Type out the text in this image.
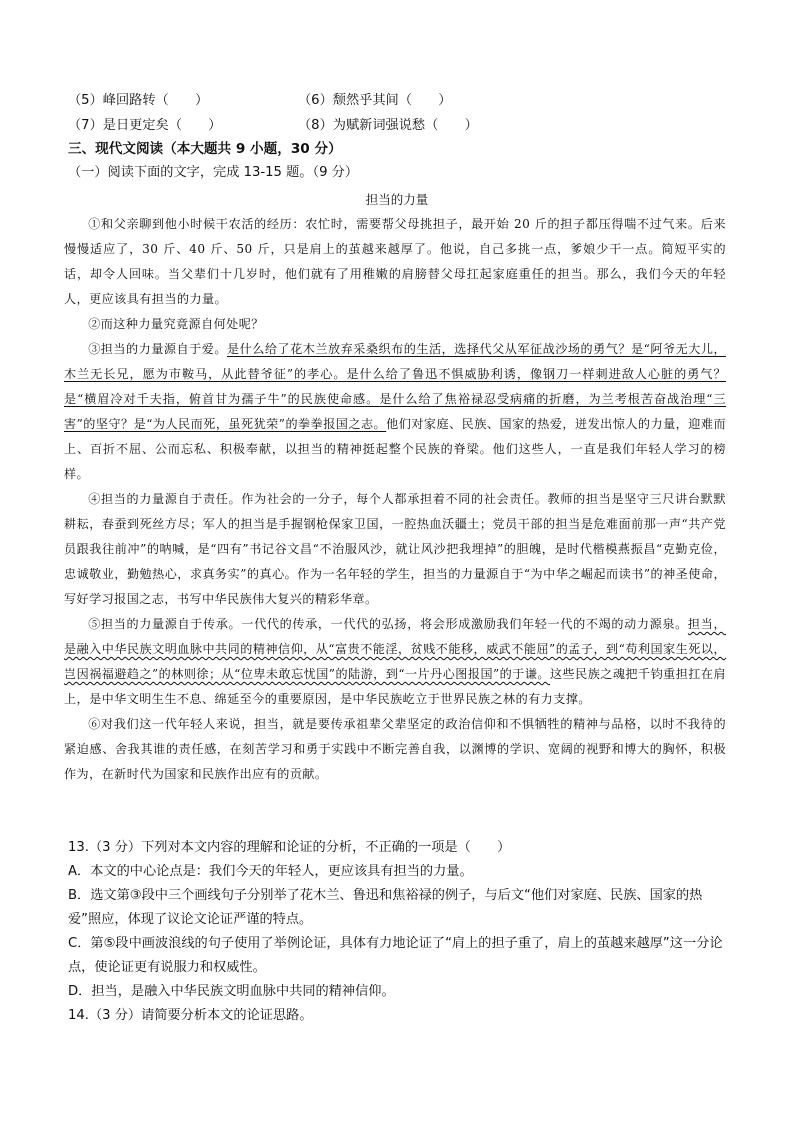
（5）峰回路转（　　）	（6）颓然乎其间（　　）
（7）是日更定矣（　　）	（8）为赋新词强说愁（　　）
三、现代文阅读（本大题共 9 小题，30 分）
（一）阅读下面的文字，完成 13-15 题。（9 分）
担当的力量

①和父亲聊到他小时候干农活的经历：农忙时，需要帮父母挑担子，最开始 20 斤的担子都压得喘不过气来。后来慢慢适应了，30 斤、40 斤、50 斤，只是肩上的茧越来越厚了。他说，自己多挑一点，爹娘少干一点。简短平实的话，却令人回味。当父辈们十几岁时，他们就有了用稚嫩的肩膀替父母扛起家庭重任的担当。那么，我们今天的年轻人，更应该具有担当的力量。

②而这种力量究竟源自何处呢？

③担当的力量源自于爱。是什么给了花木兰放弃采桑织布的生活，选择代父从军征战沙场的勇气？是“阿爷无大儿，木兰无长兄，愿为市鞍马，从此替爷征”的孝心。是什么给了鲁迅不惧威胁利诱，像钢刀一样刺进敌人心脏的勇气？是“横眉冷对千夫指，俯首甘为孺子牛”的民族使命感。是什么给了焦裕禄忍受病痛的折磨，为兰考根苦奋战治理“三害”的坚守？是“为人民而死，虽死犹荣”的拳拳报国之志。他们对家庭、民族、国家的热爱，迸发出惊人的力量，迎难而上、百折不屈、公而忘私、积极奉献，以担当的精神挺起整个民族的脊梁。他们这些人，一直是我们年轻人学习的榜样。

④担当的力量源自于责任。作为社会的一分子，每个人都承担着不同的社会责任。教师的担当是坚守三尺讲台默默耕耘，春蚕到死丝方尽；军人的担当是手握钢枪保家卫国，一腔热血沃疆土；党员干部的担当是危难面前那一声“共产党员跟我往前冲”的呐喊，是“四有”书记谷文昌“不治服风沙，就让风沙把我埋掉”的胆魄，是时代楷模燕振昌“克勤克俭，忠诚敬业，勤勉热心，求真务实”的真心。作为一名年轻的学生，担当的力量源自于“为中华之崛起而读书”的神圣使命，写好学习报国之志，书写中华民族伟大复兴的精彩华章。

⑤担当的力量源自于传承。一代代的传承，一代代的弘扬，将会形成激励我们年轻一代的不竭的动力源泉。担当，是融入中华民族文明血脉中共同的精神信仰，从“富贵不能淫，贫贱不能移，威武不能屈”的孟子，到“苟利国家生死以，岂因祸福避趋之”的林则徐；从“位卑未敢忘忧国”的陆游，到“一片丹心图报国”的于谦。这些民族之魂把千钧重担扛在肩上，是中华文明生生不息、绵延至今的重要原因，是中华民族屹立于世界民族之林的有力支撑。

⑥对我们这一代年轻人来说，担当，就是要传承祖辈父辈坚定的政治信仰和不惧牺牲的精神与品格，以时不我待的紧迫感、舍我其谁的责任感，在刻苦学习和勇于实践中不断完善自我，以渊博的学识、宽阔的视野和博大的胸怀，积极作为，在新时代为国家和民族作出应有的贡献。

13.（3 分）下列对本文内容的理解和论证的分析，不正确的一项是（　　）

A．本文的中心论点是：我们今天的年轻人，更应该具有担当的力量。

B．选文第③段中三个画线句子分别举了花木兰、鲁迅和焦裕禄的例子，与后文“他们对家庭、民族、国家的热爱”照应，体现了议论文论证严谨的特点。

C．第⑤段中画波浪线的句子使用了举例论证，具体有力地论证了“肩上的担子重了，肩上的茧越来越厚”这一分论点，使论证更有说服力和权威性。

D．担当，是融入中华民族文明血脉中共同的精神信仰。

14.（3 分）请简要分析本文的论证思路。
